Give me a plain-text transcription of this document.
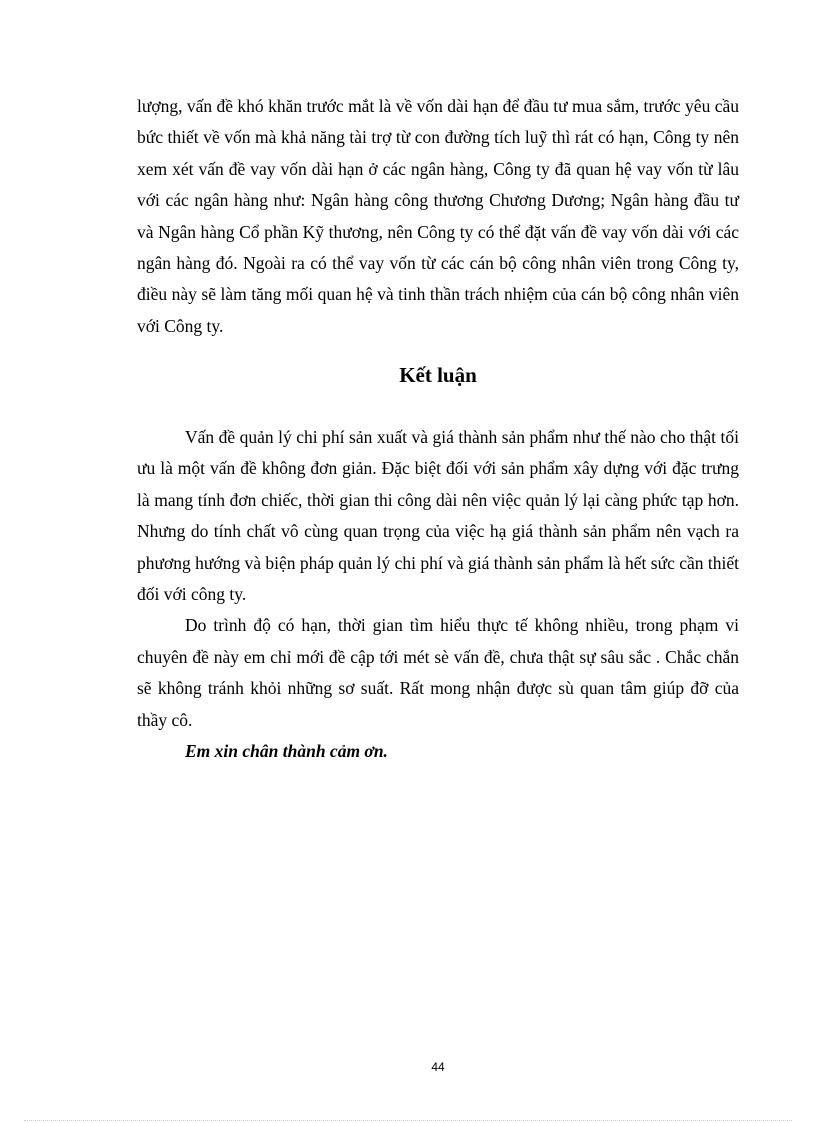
lượng, vấn đề khó khăn trước mắt là về vốn dài hạn để đầu tư mua sắm, trước yêu cầu bức thiết về vốn mà khả năng tài trợ từ con đường tích luỹ thì rát có hạn, Công ty nên xem xét vấn đề vay vốn dài hạn ở các ngân hàng, Công ty đã quan hệ vay vốn từ lâu với các ngân hàng như: Ngân hàng công thương Chương Dương; Ngân hàng đầu tư và Ngân hàng Cổ phần Kỹ thương, nên Công ty có thể đặt vấn đề vay vốn dài với các ngân hàng đó. Ngoài ra có thể vay vốn từ các cán bộ công nhân viên trong Công ty, điều này sẽ làm tăng mối quan hệ và tinh thần trách nhiệm của cán bộ công nhân viên với Công ty.

Kết luận

Vấn đề quản lý chi phí sản xuất và giá thành sản phẩm như thế nào cho thật tối ưu là một vấn đề không đơn giản. Đặc biệt đối với sản phẩm xây dựng với đặc trưng là mang tính đơn chiếc, thời gian thi công dài nên việc quản lý lại càng phức tạp hơn. Nhưng do tính chất vô cùng quan trọng của việc hạ giá thành sản phẩm nên vạch ra phương hướng và biện pháp quản lý chi phí và giá thành sản phẩm là hết sức cần thiết đối với công ty.

Do trình độ có hạn, thời gian tìm hiểu thực tế không nhiều, trong phạm vi chuyên đề này em chỉ mới đề cập tới mét sè vấn đề, chưa thật sự sâu sắc . Chắc chắn sẽ không tránh khỏi những sơ suất. Rất mong nhận được sù quan tâm giúp đỡ của thầy cô.

Em xin chân thành cảm ơn.

44
